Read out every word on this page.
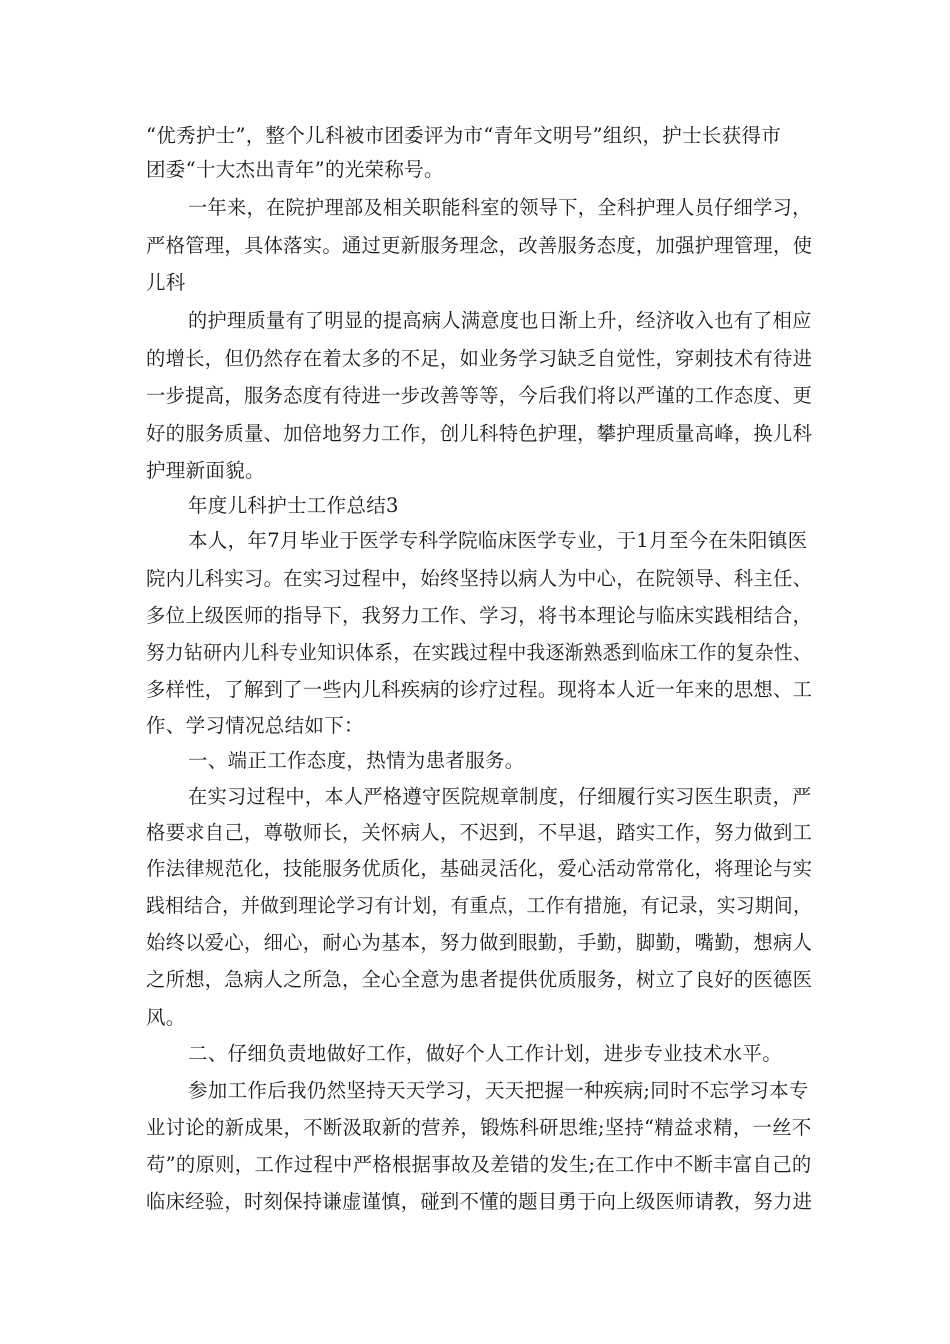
“优秀护士”，整个儿科被市团委评为市“青年文明号”组织，护士长获得市
团委“十大杰出青年”的光荣称号。
一年来，在院护理部及相关职能科室的领导下，全科护理人员仔细学习，
严格管理，具体落实。通过更新服务理念，改善服务态度，加强护理管理，使
儿科
的护理质量有了明显的提高病人满意度也日渐上升，经济收入也有了相应
的增长，但仍然存在着太多的不足，如业务学习缺乏自觉性，穿刺技术有待进
一步提高，服务态度有待进一步改善等等，今后我们将以严谨的工作态度、更
好的服务质量、加倍地努力工作，创儿科特色护理，攀护理质量高峰，换儿科
护理新面貌。
年度儿科护士工作总结3
本人，年7月毕业于医学专科学院临床医学专业，于1月至今在朱阳镇医
院内儿科实习。在实习过程中，始终坚持以病人为中心，在院领导、科主任、
多位上级医师的指导下，我努力工作、学习，将书本理论与临床实践相结合，
努力钻研内儿科专业知识体系，在实践过程中我逐渐熟悉到临床工作的复杂性、
多样性，了解到了一些内儿科疾病的诊疗过程。现将本人近一年来的思想、工
作、学习情况总结如下：
一、端正工作态度，热情为患者服务。
在实习过程中，本人严格遵守医院规章制度，仔细履行实习医生职责，严
格要求自己，尊敬师长，关怀病人，不迟到，不早退，踏实工作，努力做到工
作法律规范化，技能服务优质化，基础灵活化，爱心活动常常化，将理论与实
践相结合，并做到理论学习有计划，有重点，工作有措施，有记录，实习期间，
始终以爱心，细心，耐心为基本，努力做到眼勤，手勤，脚勤，嘴勤，想病人
之所想，急病人之所急，全心全意为患者提供优质服务，树立了良好的医德医
风。
二、仔细负责地做好工作，做好个人工作计划，进步专业技术水平。
参加工作后我仍然坚持天天学习，天天把握一种疾病;同时不忘学习本专
业讨论的新成果，不断汲取新的营养，锻炼科研思维;坚持“精益求精，一丝不
苟”的原则，工作过程中严格根据事故及差错的发生;在工作中不断丰富自己的
临床经验，时刻保持谦虚谨慎，碰到不懂的题目勇于向上级医师请教，努力进
